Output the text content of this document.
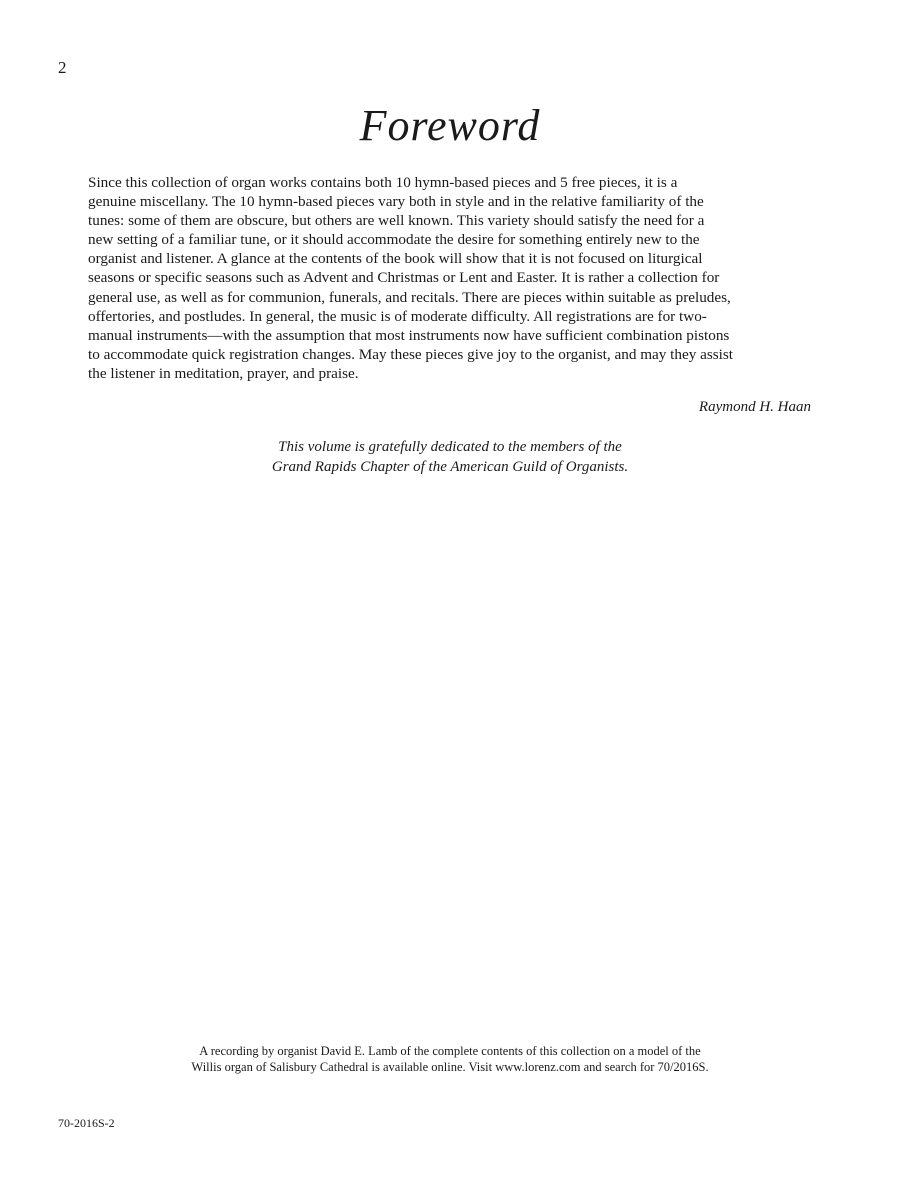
2
Foreword

Since this collection of organ works contains both 10 hymn-based pieces and 5 free pieces, it is a

genuine miscellany. The 10 hymn-based pieces vary both in style and in the relative familiarity of the

tunes: some of them are obscure, but others are well known. This variety should satisfy the need for a

new setting of a familiar tune, or it should accommodate the desire for something entirely new to the

organist and listener. A glance at the contents of the book will show that it is not focused on liturgical

seasons or specific seasons such as Advent and Christmas or Lent and Easter. It is rather a collection for

general use, as well as for communion, funerals, and recitals. There are pieces within suitable as preludes,

offertories, and postludes. In general, the music is of moderate difficulty. All registrations are for two-

manual instruments—with the assumption that most instruments now have sufficient combination pistons

to accommodate quick registration changes. May these pieces give joy to the organist, and may they assist

the listener in meditation, prayer, and praise.

Raymond H. Haan
This volume is gratefully dedicated to the members of the
Grand Rapids Chapter of the American Guild of Organists.
A recording by organist David E. Lamb of the complete contents of this collection on a model of the
Willis organ of Salisbury Cathedral is available online. Visit www.lorenz.com and search for 70/2016S.
70-2016S-2
